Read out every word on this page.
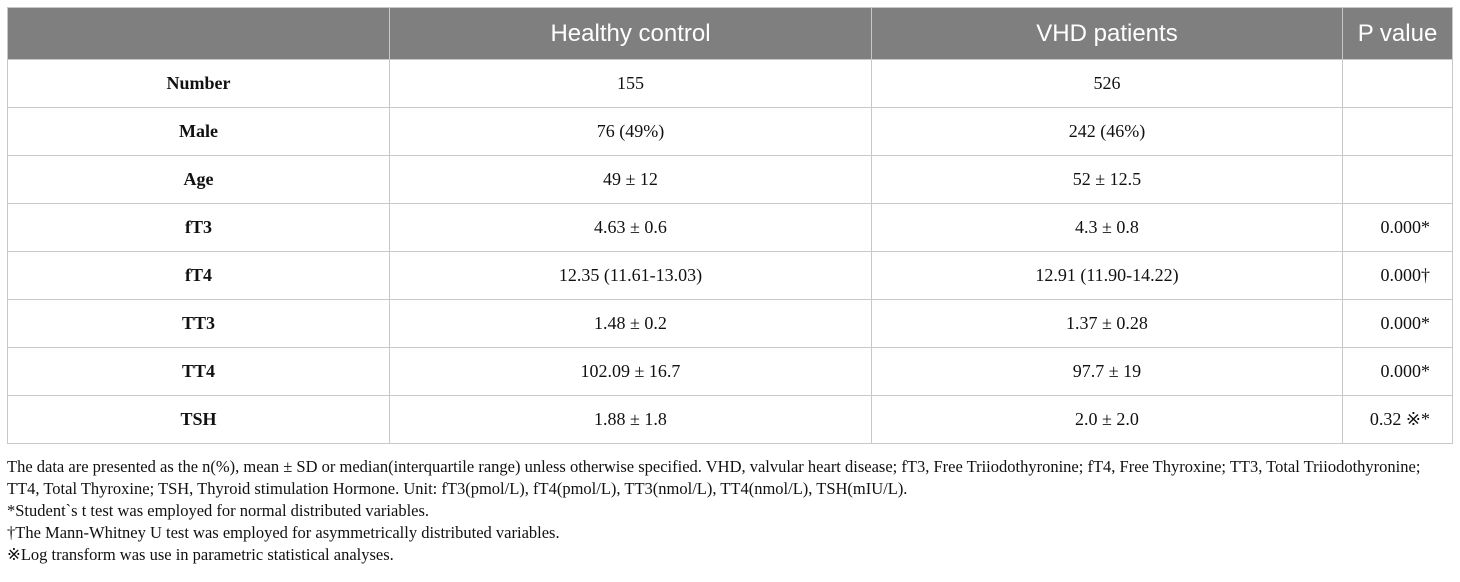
	Healthy control	VHD patients	P value
Number	155	526	
Male	76 (49%)	242 (46%)	
Age	49 ± 12	52 ± 12.5	
fT3	4.63 ± 0.6	4.3 ± 0.8	0.000*
fT4	12.35 (11.61-13.03)	12.91 (11.90-14.22)	0.000†
TT3	1.48 ± 0.2	1.37 ± 0.28	0.000*
TT4	102.09 ± 16.7	97.7 ± 19	0.000*
TSH	1.88 ± 1.8	2.0 ± 2.0	0.32 ※*

The data are presented as the n(%), mean ± SD or median(interquartile range) unless otherwise specified. VHD, valvular heart disease; fT3, Free Triiodothyronine; fT4, Free Thyroxine; TT3, Total Triiodothyronine; TT4, Total Thyroxine; TSH, Thyroid stimulation Hormone. Unit: fT3(pmol/L), fT4(pmol/L), TT3(nmol/L), TT4(nmol/L), TSH(mIU/L).

*Student`s t test was employed for normal distributed variables.

†The Mann-Whitney U test was employed for asymmetrically distributed variables.

※Log transform was use in parametric statistical analyses.
